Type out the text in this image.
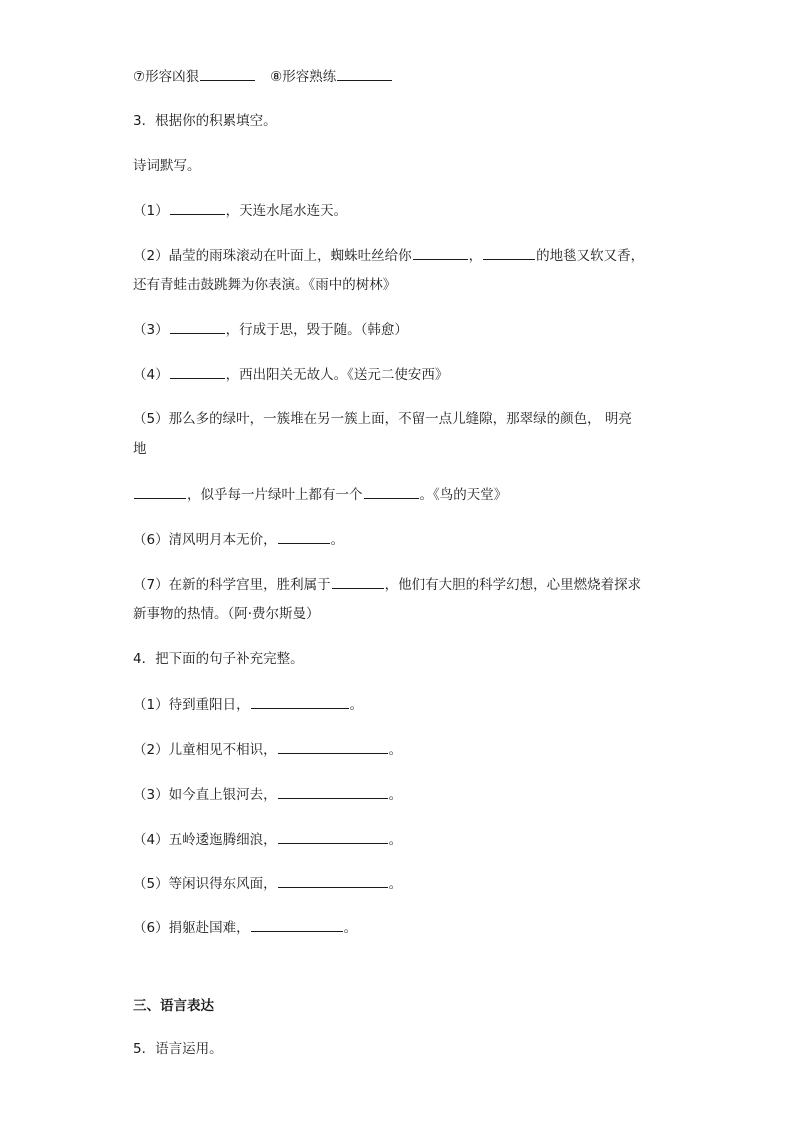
⑦形容凶狠	⑧形容熟练
3．根据你的积累填空。
诗词默写。
（1）	，天连水尾水连天。
（2）晶莹的雨珠滚动在叶面上，蜘蛛吐丝给你	，	的地毯又软又香，
还有青蛙击鼓跳舞为你表演。《雨中的树林》
（3）	，行成于思，毁于随。（韩愈）
（4）	，西出阳关无故人。《送元二使安西》
（5）那么多的绿叶，一簇堆在另一簇上面，不留一点儿缝隙，那翠绿的颜色， 明亮
地
，似乎每一片绿叶上都有一个	。《鸟的天堂》
（6）清风明月本无价，	。
（7）在新的科学宫里，胜利属于	，他们有大胆的科学幻想，心里燃烧着探求
新事物的热情。（阿·费尔斯曼）
4．把下面的句子补充完整。
（1）待到重阳日，	。
（2）儿童相见不相识，	。
（3）如今直上银河去，	。
（4）五岭逶迤腾细浪，	。
（5）等闲识得东风面，	。
（6）捐躯赴国难，	。
三、语言表达
5．语言运用。
